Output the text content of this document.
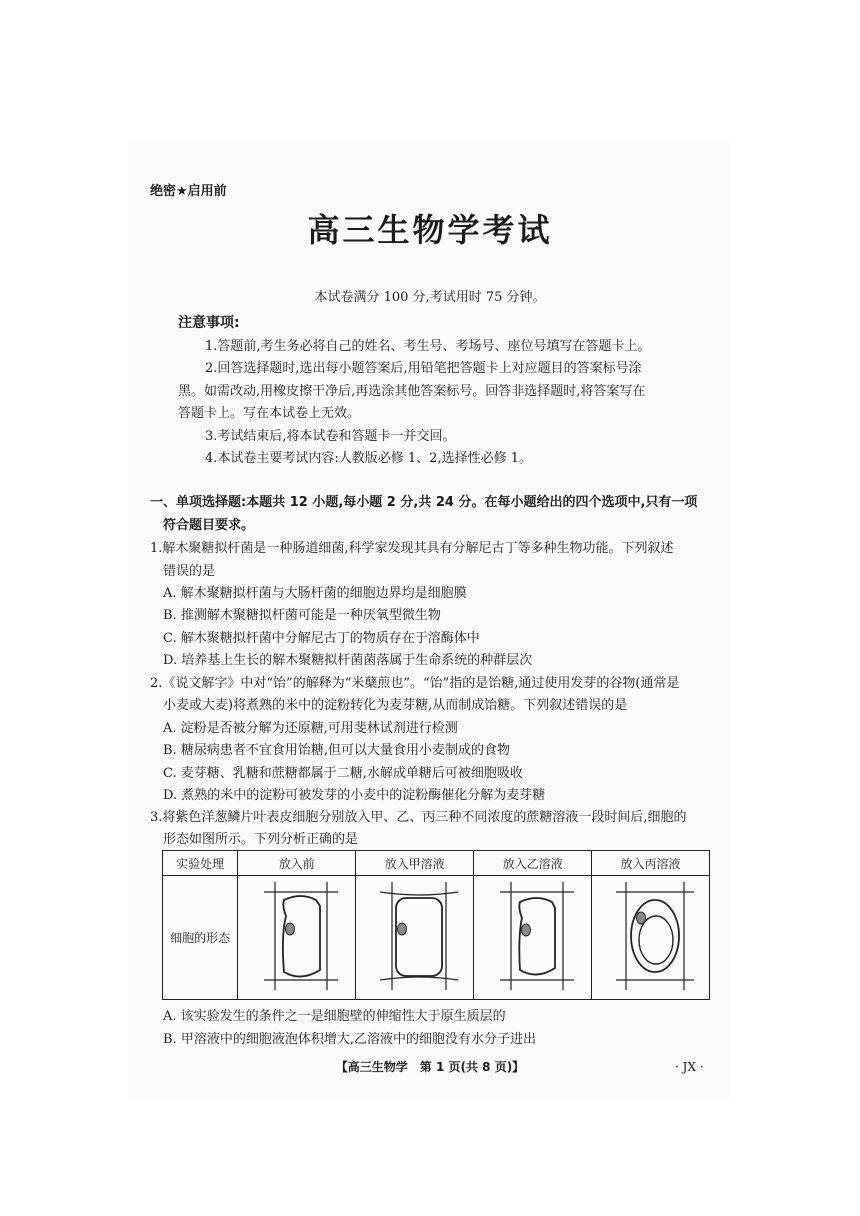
绝密★启用前
高三生物学考试
本试卷满分 100 分,考试用时 75 分钟。
注意事项:
1.答题前,考生务必将自己的姓名、考生号、考场号、座位号填写在答题卡上。
2.回答选择题时,选出每小题答案后,用铅笔把答题卡上对应题目的答案标号涂
黑。如需改动,用橡皮擦干净后,再选涂其他答案标号。回答非选择题时,将答案写在
答题卡上。写在本试卷上无效。
3.考试结束后,将本试卷和答题卡一并交回。
4.本试卷主要考试内容:人教版必修 1、2,选择性必修 1。
一、单项选择题:本题共 12 小题,每小题 2 分,共 24 分。在每小题给出的四个选项中,只有一项
符合题目要求。
1.解木聚糖拟杆菌是一种肠道细菌,科学家发现其具有分解尼古丁等多种生物功能。下列叙述
错误的是
A. 解木聚糖拟杆菌与大肠杆菌的细胞边界均是细胞膜
B. 推测解木聚糖拟杆菌可能是一种厌氧型微生物
C. 解木聚糖拟杆菌中分解尼古丁的物质存在于溶酶体中
D. 培养基上生长的解木聚糖拟杆菌菌落属于生命系统的种群层次
2.《说文解字》中对“饴”的解释为“米蘖煎也”。“饴”指的是饴糖,通过使用发芽的谷物(通常是
小麦或大麦)将煮熟的米中的淀粉转化为麦芽糖,从而制成饴糖。下列叙述错误的是
A. 淀粉是否被分解为还原糖,可用斐林试剂进行检测
B. 糖尿病患者不宜食用饴糖,但可以大量食用小麦制成的食物
C. 麦芽糖、乳糖和蔗糖都属于二糖,水解成单糖后可被细胞吸收
D. 煮熟的米中的淀粉可被发芽的小麦中的淀粉酶催化分解为麦芽糖
3.将紫色洋葱鳞片叶表皮细胞分别放入甲、乙、丙三种不同浓度的蔗糖溶液一段时间后,细胞的
形态如图所示。下列分析正确的是
实验处理	放入前	放入甲溶液	放入乙溶液	放入丙溶液
细胞的形态				
A. 该实验发生的条件之一是细胞壁的伸缩性大于原生质层的
B. 甲溶液中的细胞液泡体积增大,乙溶液中的细胞没有水分子进出
【高三生物学　第 1 页(共 8 页)】	· JX ·
